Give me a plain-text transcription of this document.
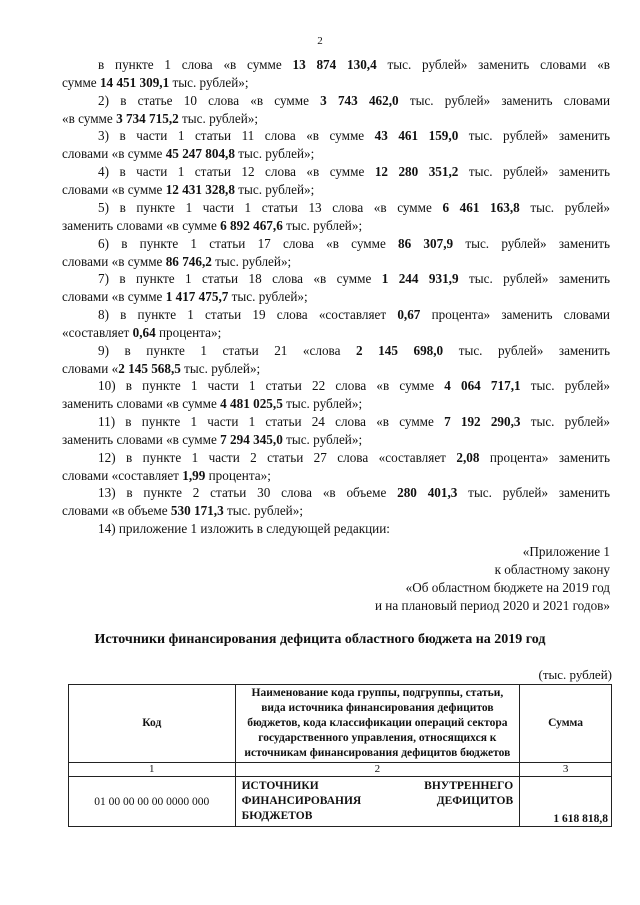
2
в пункте 1 слова «в сумме 13 874 130,4 тыс. рублей» заменить словами «в
сумме 14 451 309,1 тыс. рублей»;
2) в статье 10 слова «в сумме 3 743 462,0 тыс. рублей» заменить словами
«в сумме 3 734 715,2 тыс. рублей»;
3) в части 1 статьи 11 слова «в сумме 43 461 159,0 тыс. рублей» заменить
словами «в сумме 45 247 804,8 тыс. рублей»;
4) в части 1 статьи 12 слова «в сумме 12 280 351,2 тыс. рублей» заменить
словами «в сумме 12 431 328,8 тыс. рублей»;
5) в пункте 1 части 1 статьи 13 слова «в сумме 6 461 163,8 тыс. рублей»
заменить словами «в сумме 6 892 467,6 тыс. рублей»;
6) в пункте 1 статьи 17 слова «в сумме 86 307,9 тыс. рублей» заменить
словами «в сумме 86 746,2 тыс. рублей»;
7) в пункте 1 статьи 18 слова «в сумме 1 244 931,9 тыс. рублей» заменить
словами «в сумме 1 417 475,7 тыс. рублей»;
8) в пункте 1 статьи 19 слова «составляет 0,67 процента» заменить словами
«составляет 0,64 процента»;
9) в пункте 1 статьи 21 «слова 2 145 698,0 тыс. рублей» заменить
словами «2 145 568,5 тыс. рублей»;
10) в пункте 1 части 1 статьи 22 слова «в сумме 4 064 717,1 тыс. рублей»
заменить словами «в сумме 4 481 025,5 тыс. рублей»;
11) в пункте 1 части 1 статьи 24 слова «в сумме 7 192 290,3 тыс. рублей»
заменить словами «в сумме 7 294 345,0 тыс. рублей»;
12) в пункте 1 части 2 статьи 27 слова «составляет 2,08 процента» заменить
словами «составляет 1,99 процента»;
13) в пункте 2 статьи 30 слова «в объеме 280 401,3 тыс. рублей» заменить
словами «в объеме 530 171,3 тыс. рублей»;
14) приложение 1 изложить в следующей редакции:
«Приложение 1
к областному закону
«Об областном бюджете на 2019 год
и на плановый период 2020 и 2021 годов»
Источники финансирования дефицита областного бюджета на 2019 год
(тыс. рублей)
Код	Наименование кода группы, подгруппы, статьи, вида источника финансирования дефицитов бюджетов, кода классификации операций сектора государственного управления, относящихся к источникам финансирования дефицитов бюджетов	Сумма
1	2	3
01 00 00 00 00 0000 000	ИСТОЧНИКИ ВНУТРЕННЕГО ФИНАНСИРОВАНИЯ ДЕФИЦИТОВ БЮДЖЕТОВ	1 618 818,8
